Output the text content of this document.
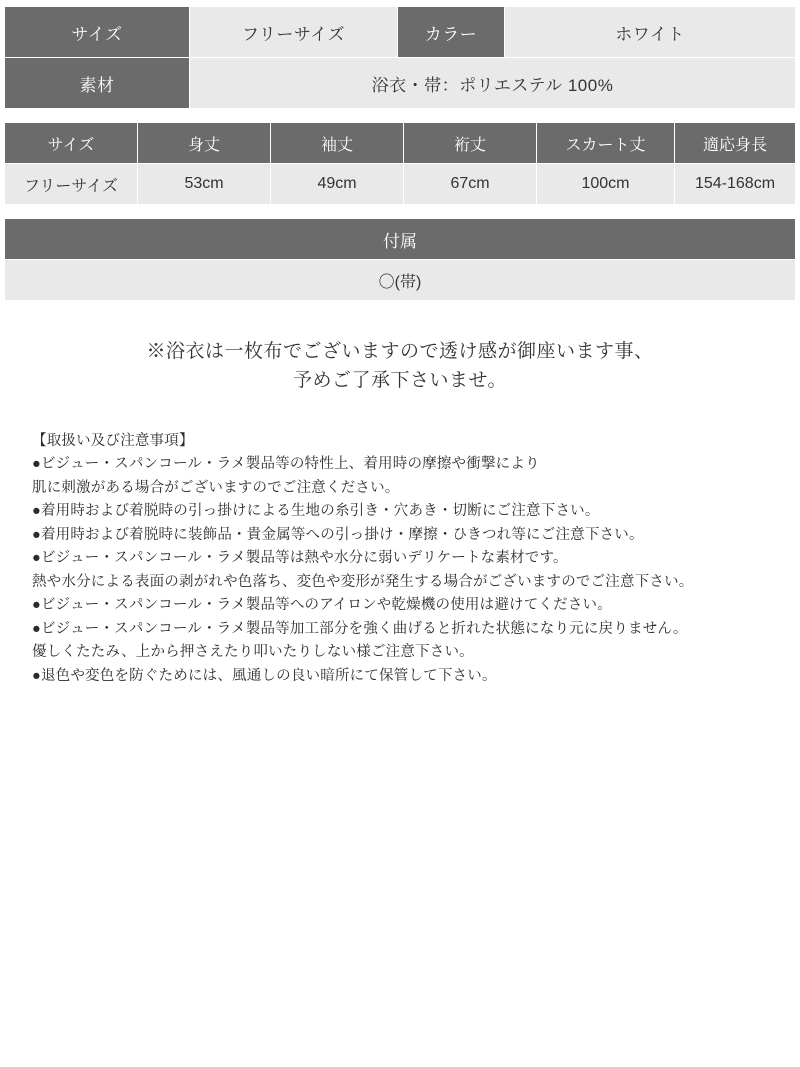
サイズ	フリーサイズ	カラー	ホワイト
素材	浴衣・帯：ポリエステル 100%		
サイズ	身丈	袖丈	裄丈	スカート丈	適応身長
フリーサイズ	53cm	49cm	67cm	100cm	154-168cm
付属
〇(帯)
※浴衣は一枚布でございますので透け感が御座います事、
予めご了承下さいませ。
【取扱い及び注意事項】
●ビジュー・スパンコール・ラメ製品等の特性上、着用時の摩擦や衝撃により
肌に刺激がある場合がございますのでご注意ください。
●着用時および着脱時の引っ掛けによる生地の糸引き・穴あき・切断にご注意下さい。
●着用時および着脱時に装飾品・貴金属等への引っ掛け・摩擦・ひきつれ等にご注意下さい。
●ビジュー・スパンコール・ラメ製品等は熱や水分に弱いデリケートな素材です。
熱や水分による表面の剥がれや色落ち、変色や変形が発生する場合がございますのでご注意下さい。
●ビジュー・スパンコール・ラメ製品等へのアイロンや乾燥機の使用は避けてください。
●ビジュー・スパンコール・ラメ製品等加工部分を強く曲げると折れた状態になり元に戻りません。
優しくたたみ、上から押さえたり叩いたりしない様ご注意下さい。
●退色や変色を防ぐためには、風通しの良い暗所にて保管して下さい。
